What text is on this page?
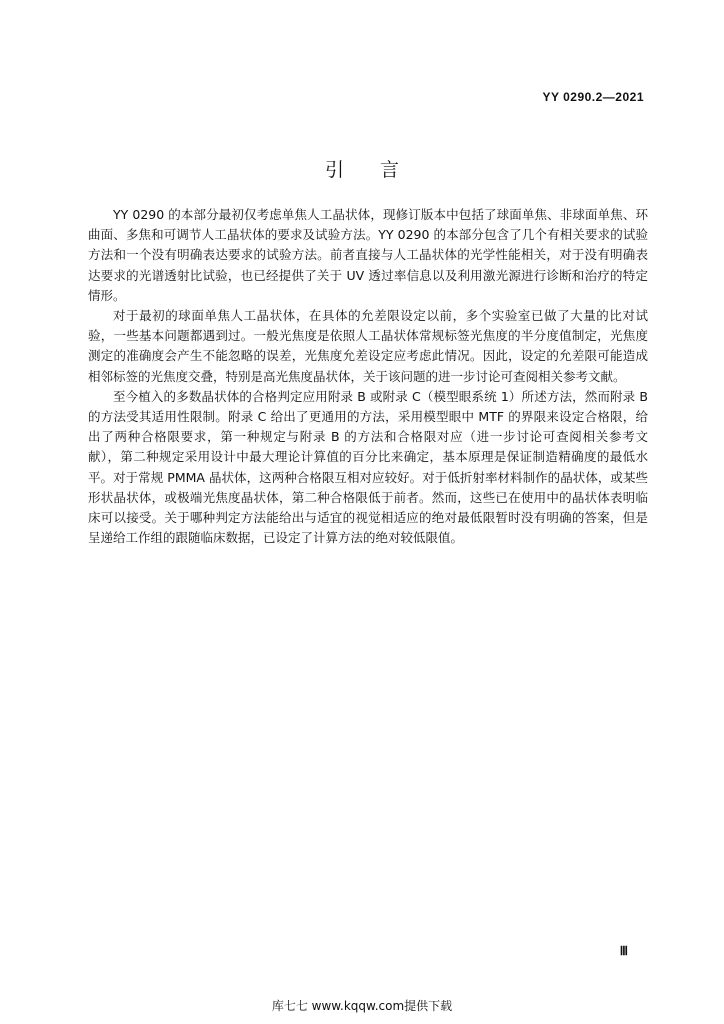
YY 0290.2—2021
引言

YY 0290 的本部分最初仅考虑单焦人工晶状体，现修订版本中包括了球面单焦、非球面单焦、环曲面、多焦和可调节人工晶状体的要求及试验方法。YY 0290 的本部分包含了几个有相关要求的试验方法和一个没有明确表达要求的试验方法。前者直接与人工晶状体的光学性能相关，对于没有明确表达要求的光谱透射比试验，也已经提供了关于 UV 透过率信息以及利用激光源进行诊断和治疗的特定情形。

对于最初的球面单焦人工晶状体，在具体的允差限设定以前，多个实验室已做了大量的比对试验，一些基本问题都遇到过。一般光焦度是依照人工晶状体常规标签光焦度的半分度值制定，光焦度测定的准确度会产生不能忽略的误差，光焦度允差设定应考虑此情况。因此，设定的允差限可能造成相邻标签的光焦度交叠，特别是高光焦度晶状体，关于该问题的进一步讨论可查阅相关参考文献。

至今植入的多数晶状体的合格判定应用附录 B 或附录 C（模型眼系统 1）所述方法，然而附录 B 的方法受其适用性限制。附录 C 给出了更通用的方法，采用模型眼中 MTF 的界限来设定合格限，给出了两种合格限要求，第一种规定与附录 B 的方法和合格限对应（进一步讨论可查阅相关参考文献），第二种规定采用设计中最大理论计算值的百分比来确定，基本原理是保证制造精确度的最低水平。对于常规 PMMA 晶状体，这两种合格限互相对应较好。对于低折射率材料制作的晶状体，或某些形状晶状体，或极端光焦度晶状体，第二种合格限低于前者。然而，这些已在使用中的晶状体表明临床可以接受。关于哪种判定方法能给出与适宜的视觉相适应的绝对最低限暂时没有明确的答案，但是呈递给工作组的跟随临床数据，已设定了计算方法的绝对较低限值。

Ⅲ
库七七 www.kqqw.com提供下载
